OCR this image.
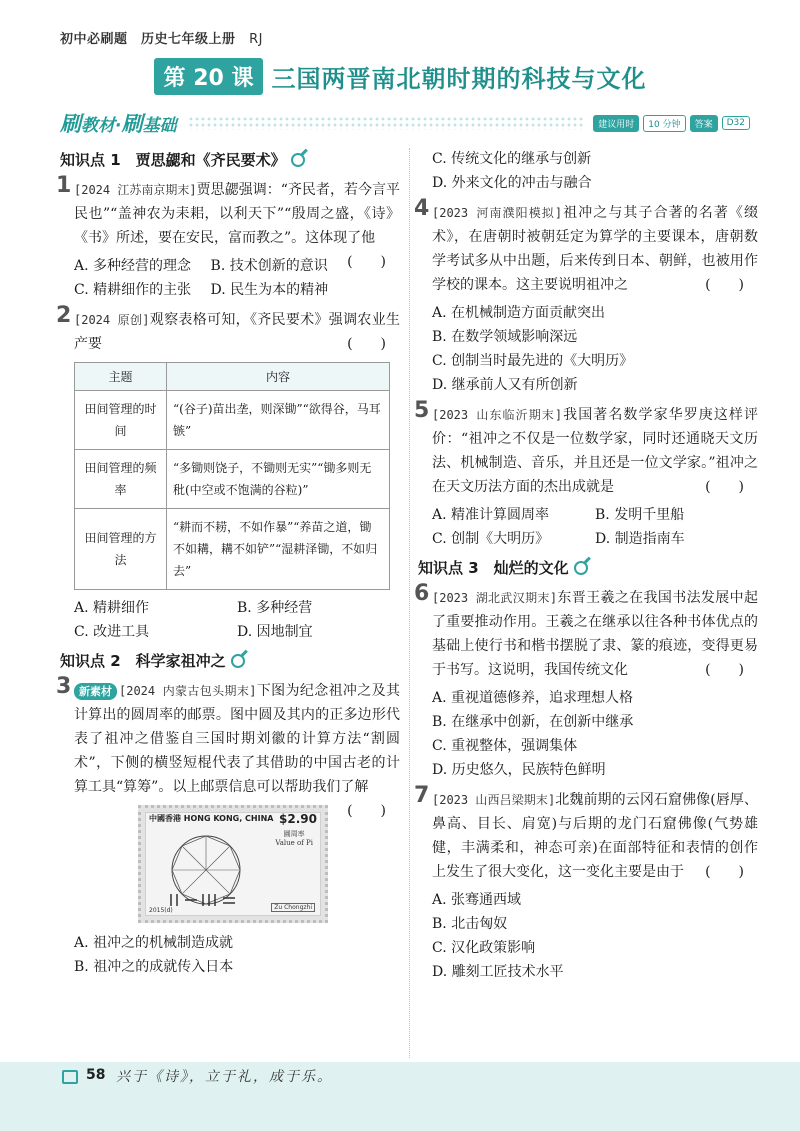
初中必刷题　 历史七年级上册　 RJ
第 20 课 三国两晋南北朝时期的科技与文化
刷教材·刷基础	建议用时	10 分钟	答案	D32
知识点 1　贾思勰和《齐民要术》
1 [2024 江苏南京期末]贾思勰强调：“齐民者，若今言平民也”“盖神农为耒耜，以利天下”“殷周之盛，《诗》《书》所述，要在安民，富而教之”。这体现了他
(　　)
A. 多种经营的理念	B. 技术创新的意识
C. 精耕细作的主张	D. 民生为本的精神
2 [2024 原创]观察表格可知，《齐民要术》强调农业生产要	(　　)
主题	内容
田间管理的时间	“(谷子)苗出垄，则深锄”“欲得谷，马耳镞”
田间管理的频率	“多锄则饶子，不锄则无实”“锄多则无秕(中空或不饱满的谷粒)”
田间管理的方法	“耕而不耢，不如作暴”“养苗之道，锄不如耩，耩不如铲”“湿耕泽锄，不如归去”
A. 精耕细作	B. 多种经营
C. 改进工具	D. 因地制宜
知识点 2　科学家祖冲之
3 新素材 [2024 内蒙古包头期末]下图为纪念祖冲之及其计算出的圆周率的邮票。图中圆及其内的正多边形代表了祖冲之借鉴自三国时期刘徽的计算方法“割圆术”，下侧的横竖短棍代表了其借助的中国古老的计算工具“算筹”。以上邮票信息可以帮助我们了解
(　　)
中國香港 HONG KONG, CHINA $2.90
圓周率
Value of Pi
2015(d)	Zu Chongzhi
A. 祖冲之的机械制造成就
B. 祖冲之的成就传入日本
C. 传统文化的继承与创新
D. 外来文化的冲击与融合
4 [2023 河南濮阳模拟]祖冲之与其子合著的名著《缀术》，在唐朝时被朝廷定为算学的主要课本，唐朝数学考试多从中出题，后来传到日本、朝鲜，也被用作学校的课本。这主要说明祖冲之	(　　)
A. 在机械制造方面贡献突出
B. 在数学领域影响深远
C. 创制当时最先进的《大明历》
D. 继承前人又有所创新
5 [2023 山东临沂期末]我国著名数学家华罗庚这样评价：“祖冲之不仅是一位数学家，同时还通晓天文历法、机械制造、音乐，并且还是一位文学家。”祖冲之在天文历法方面的杰出成就是	(　　)
A. 精准计算圆周率	B. 发明千里船
C. 创制《大明历》	D. 制造指南车
知识点 3　灿烂的文化
6 [2023 湖北武汉期末]东晋王羲之在我国书法发展中起了重要推动作用。王羲之在继承以往各种书体优点的基础上使行书和楷书摆脱了隶、篆的痕迹，变得更易于书写。这说明，我国传统文化	(　　)
A. 重视道德修养，追求理想人格
B. 在继承中创新，在创新中继承
C. 重视整体，强调集体
D. 历史悠久，民族特色鲜明
7 [2023 山西吕梁期末]北魏前期的云冈石窟佛像(唇厚、鼻高、目长、肩宽)与后期的龙门石窟佛像(气势雄健，丰满柔和，神态可亲)在面部特征和表情的创作上发生了很大变化，这一变化主要是由于 (　　)
A. 张骞通西域
B. 北击匈奴
C. 汉化政策影响
D. 雕刻工匠技术水平
58 兴于《诗》，立于礼，成于乐。
